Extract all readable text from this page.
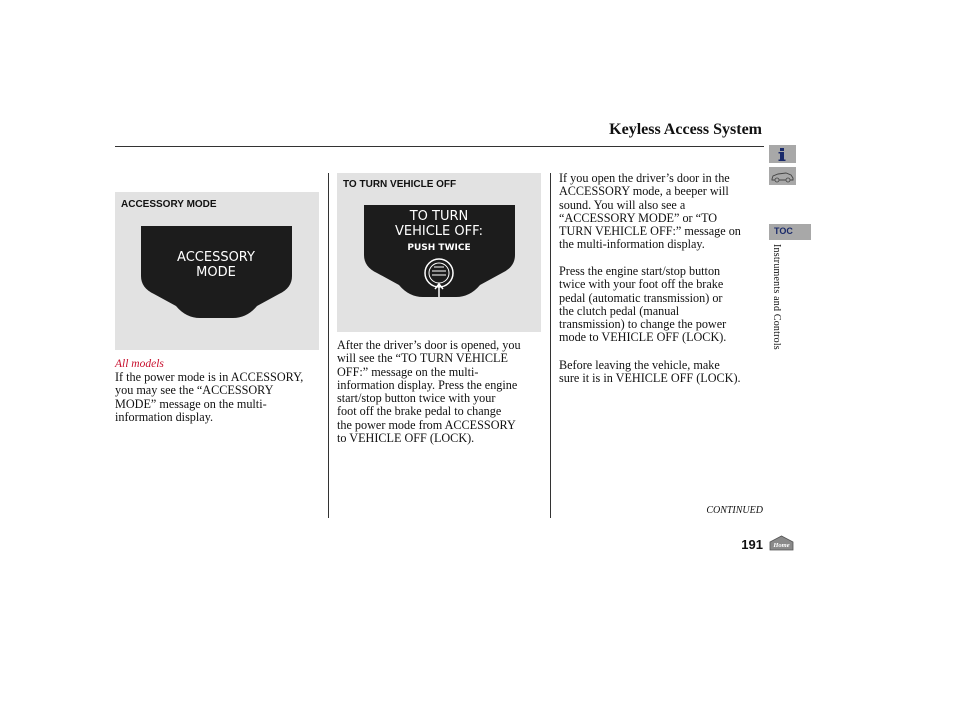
Keyless Access System
ACCESSORY MODE
ACCESSORY
MODE
TO TURN VEHICLE OFF
TO TURN
VEHICLE OFF:
PUSH TWICE
All models
If the power mode is in ACCESSORY,
you may see the “ACCESSORY
MODE” message on the multi-
information display.
After the driver’s door is opened, you
will see the “TO TURN VEHICLE
OFF:” message on the multi-
information display. Press the engine
start/stop button twice with your
foot off the brake pedal to change
the power mode from ACCESSORY
to VEHICLE OFF (LOCK).
If you open the driver’s door in the
ACCESSORY mode, a beeper will
sound. You will also see a
“ACCESSORY MODE” or “TO
TURN VEHICLE OFF:” message on
the multi-information display.
Press the engine start/stop button
twice with your foot off the brake
pedal (automatic transmission) or
the clutch pedal (manual
transmission) to change the power
mode to VEHICLE OFF (LOCK).
Before leaving the vehicle, make
sure it is in VEHICLE OFF (LOCK).
CONTINUED
191 Home
TOC
Instruments and Controls
